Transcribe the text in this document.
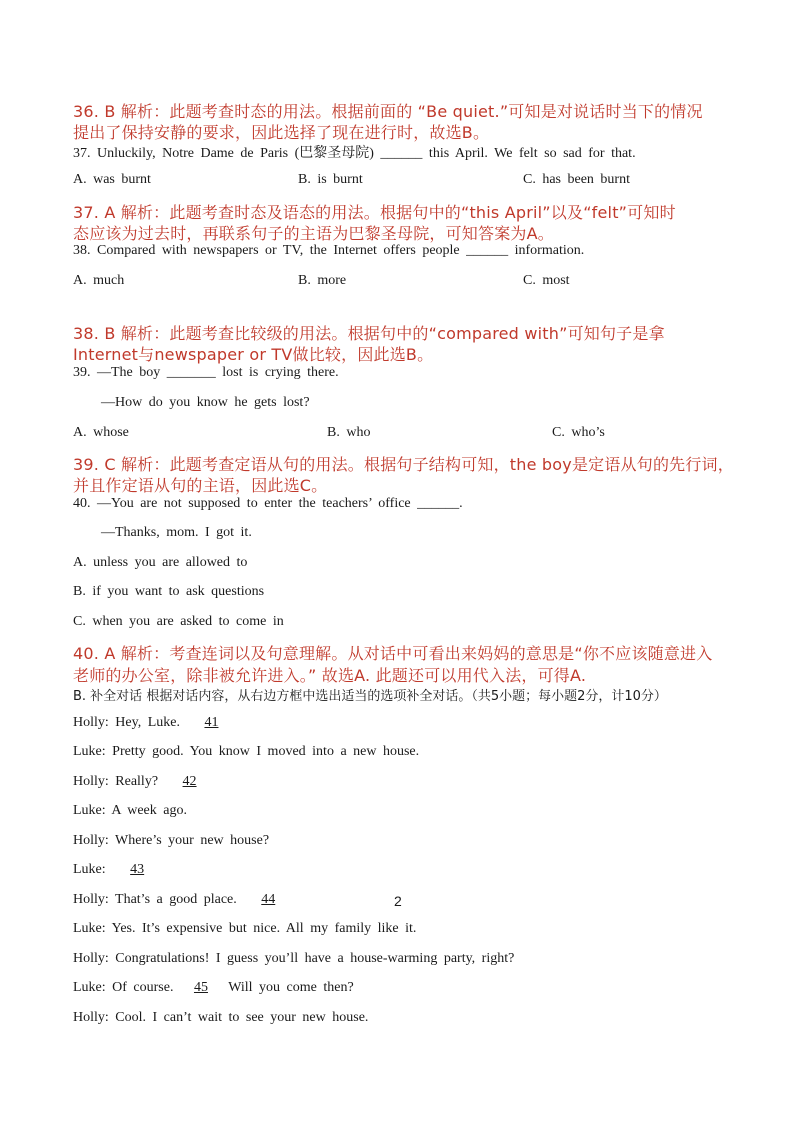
36. B 解析：此题考查时态的用法。根据前面的 “Be quiet.”可知是对说话时当下的情况
提出了保持安静的要求，因此选择了现在进行时，故选B。
37. Unluckily, Notre Dame de Paris (巴黎圣母院) ______ this April. We felt so sad for that.
A. was burnt	B. is burnt	C. has been burnt
37. A 解析：此题考查时态及语态的用法。根据句中的“this April”以及“felt”可知时
态应该为过去时，再联系句子的主语为巴黎圣母院，可知答案为A。
38. Compared with newspapers or TV, the Internet offers people ______ information.
A. much	B. more	C. most
38. B 解析：此题考查比较级的用法。根据句中的“compared with”可知句子是拿
Internet与newspaper or TV做比较，因此选B。
39. —The boy _______ lost is crying there.
—How do you know he gets lost?
A. whose	B. who	C. who’s
39. C 解析：此题考查定语从句的用法。根据句子结构可知，the boy是定语从句的先行词，
并且作定语从句的主语，因此选C。
40. —You are not supposed to enter the teachers’ office ______.
—Thanks, mom. I got it.
A. unless you are allowed to
B. if you want to ask questions
C. when you are asked to come in
40. A 解析：考查连词以及句意理解。从对话中可看出来妈妈的意思是“你不应该随意进入
老师的办公室，除非被允许进入。” 故选A. 此题还可以用代入法，可得A.
B. 补全对话 根据对话内容，从右边方框中选出适当的选项补全对话。（共5小题；每小题2分，计10分）
Holly: Hey, Luke. 41
Luke: Pretty good. You know I moved into a new house.
Holly: Really? 42
Luke: A week ago.
Holly: Where’s your new house?
Luke: 43
Holly: That’s a good place. 44
Luke: Yes. It’s expensive but nice. All my family like it.
Holly: Congratulations! I guess you’ll have a house-warming party, right?
Luke: Of course. 45 Will you come then?
Holly: Cool. I can’t wait to see your new house.
2
